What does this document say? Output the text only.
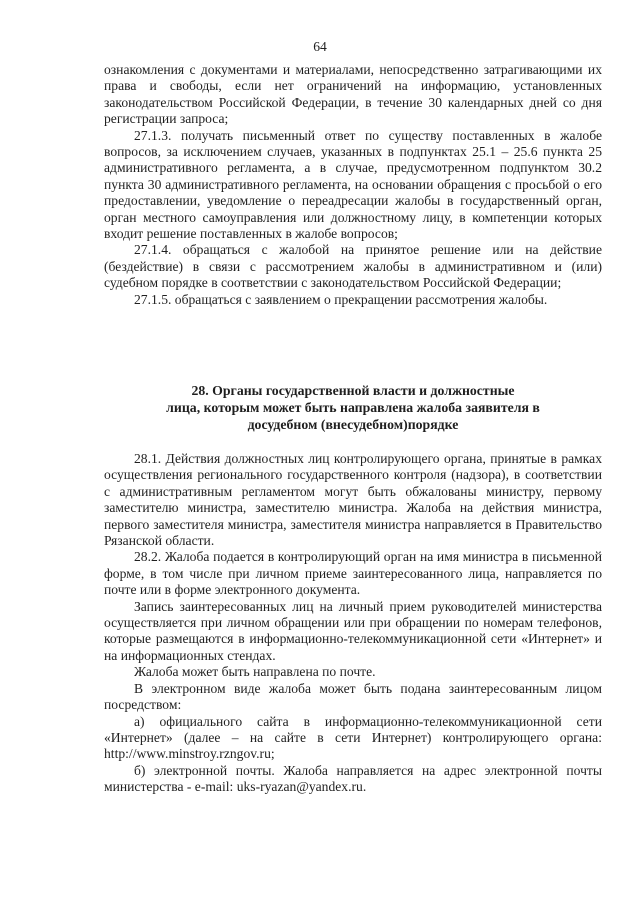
64

ознакомления с документами и материалами, непосредственно затрагивающими их права и свободы, если нет ограничений на информацию, установленных законодательством Российской Федерации, в течение 30 календарных дней со дня регистрации запроса;

27.1.3. получать письменный ответ по существу поставленных в жалобе вопросов, за исключением случаев, указанных в подпунктах 25.1 – 25.6 пункта 25 административного регламента, а в случае, предусмотренном подпунктом 30.2 пункта 30 административного регламента, на основании обращения с просьбой о его предоставлении, уведомление о переадресации жалобы в государственный орган, орган местного самоуправления или должностному лицу, в компетенции которых входит решение поставленных в жалобе вопросов;

27.1.4. обращаться с жалобой на принятое решение или на действие (бездействие) в связи с рассмотрением жалобы в административном и (или) судебном порядке в соответствии с законодательством Российской Федерации;

27.1.5. обращаться с заявлением о прекращении рассмотрения жалобы.

28. Органы государственной власти и должностные
лица, которым может быть направлена жалоба заявителя в
досудебном (внесудебном)порядке

28.1. Действия должностных лиц контролирующего органа, принятые в рамках осуществления регионального государственного контроля (надзора), в соответствии с административным регламентом могут быть обжалованы министру, первому заместителю министра, заместителю министра. Жалоба на действия министра, первого заместителя министра, заместителя министра направляется в Правительство Рязанской области.

28.2. Жалоба подается в контролирующий орган на имя министра в письменной форме, в том числе при личном приеме заинтересованного лица, направляется по почте или в форме электронного документа.

Запись заинтересованных лиц на личный прием руководителей министерства осуществляется при личном обращении или при обращении по номерам телефонов, которые размещаются в информационно-телекоммуникационной сети «Интернет» и на информационных стендах.

Жалоба может быть направлена по почте.

В электронном виде жалоба может быть подана заинтересованным лицом посредством:

а) официального сайта в информационно-телекоммуникационной сети «Интернет» (далее – на сайте в сети Интернет) контролирующего органа: http://www.minstroy.rzngov.ru;

б) электронной почты. Жалоба направляется на адрес электронной почты министерства - e-mail: uks-ryazan@yandex.ru.
